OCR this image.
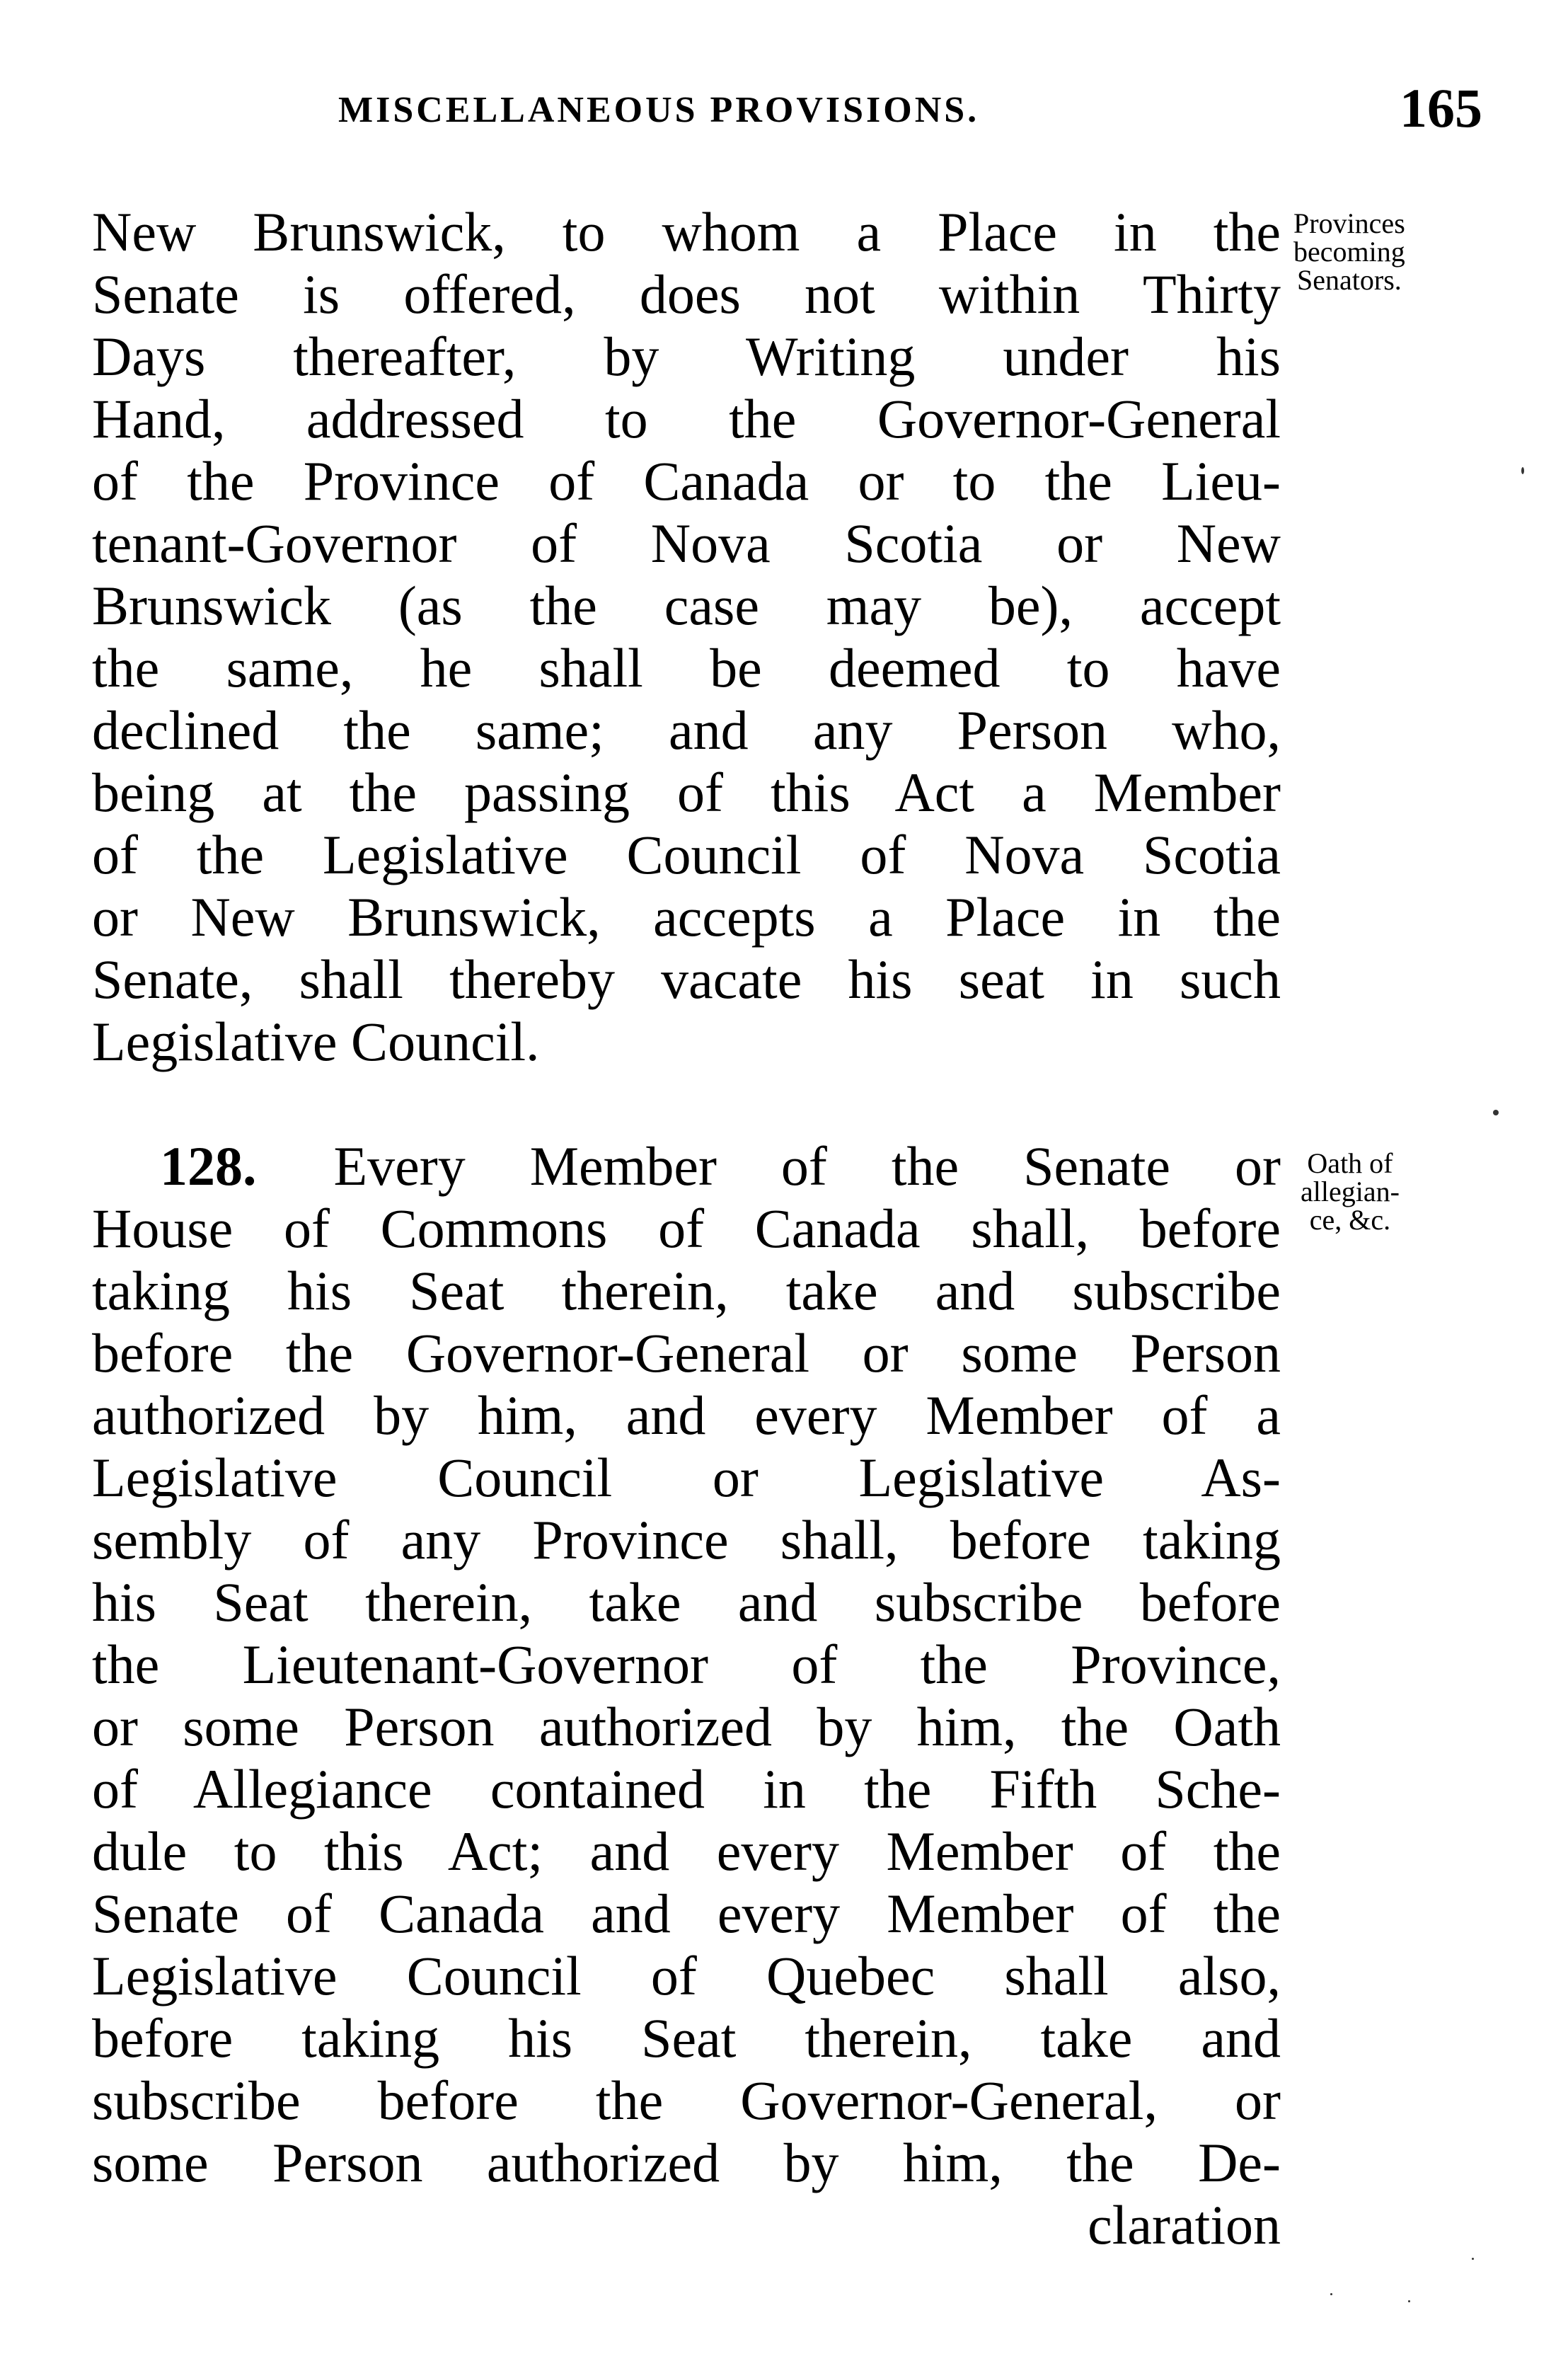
MISCELLANEOUS PROVISIONS.	165
New Brunswick, to whom a Place in the
Senate is offered, does not within Thirty
Days thereafter, by Writing under his
Hand, addressed to the Governor-General
of the Province of Canada or to the Lieu-
tenant-Governor of Nova Scotia or New
Brunswick (as the case may be), accept
the same, he shall be deemed to have
declined the same; and any Person who,
being at the passing of this Act a Member
of the Legislative Council of Nova Scotia
or New Brunswick, accepts a Place in the
Senate, shall thereby vacate his seat in such
Legislative Council.
Provinces
becoming
Senators.
128. Every Member of the Senate or
House of Commons of Canada shall, before
taking his Seat therein, take and subscribe
before the Governor-General or some Person
authorized by him, and every Member of a
Legislative Council or Legislative As-
sembly of any Province shall, before taking
his Seat therein, take and subscribe before
the Lieutenant-Governor of the Province,
or some Person authorized by him, the Oath
of Allegiance contained in the Fifth Sche-
dule to this Act; and every Member of the
Senate of Canada and every Member of the
Legislative Council of Quebec shall also,
before taking his Seat therein, take and
subscribe before the Governor-General, or
some Person authorized by him, the De-
claration
Oath of
allegian-
ce, &c.
